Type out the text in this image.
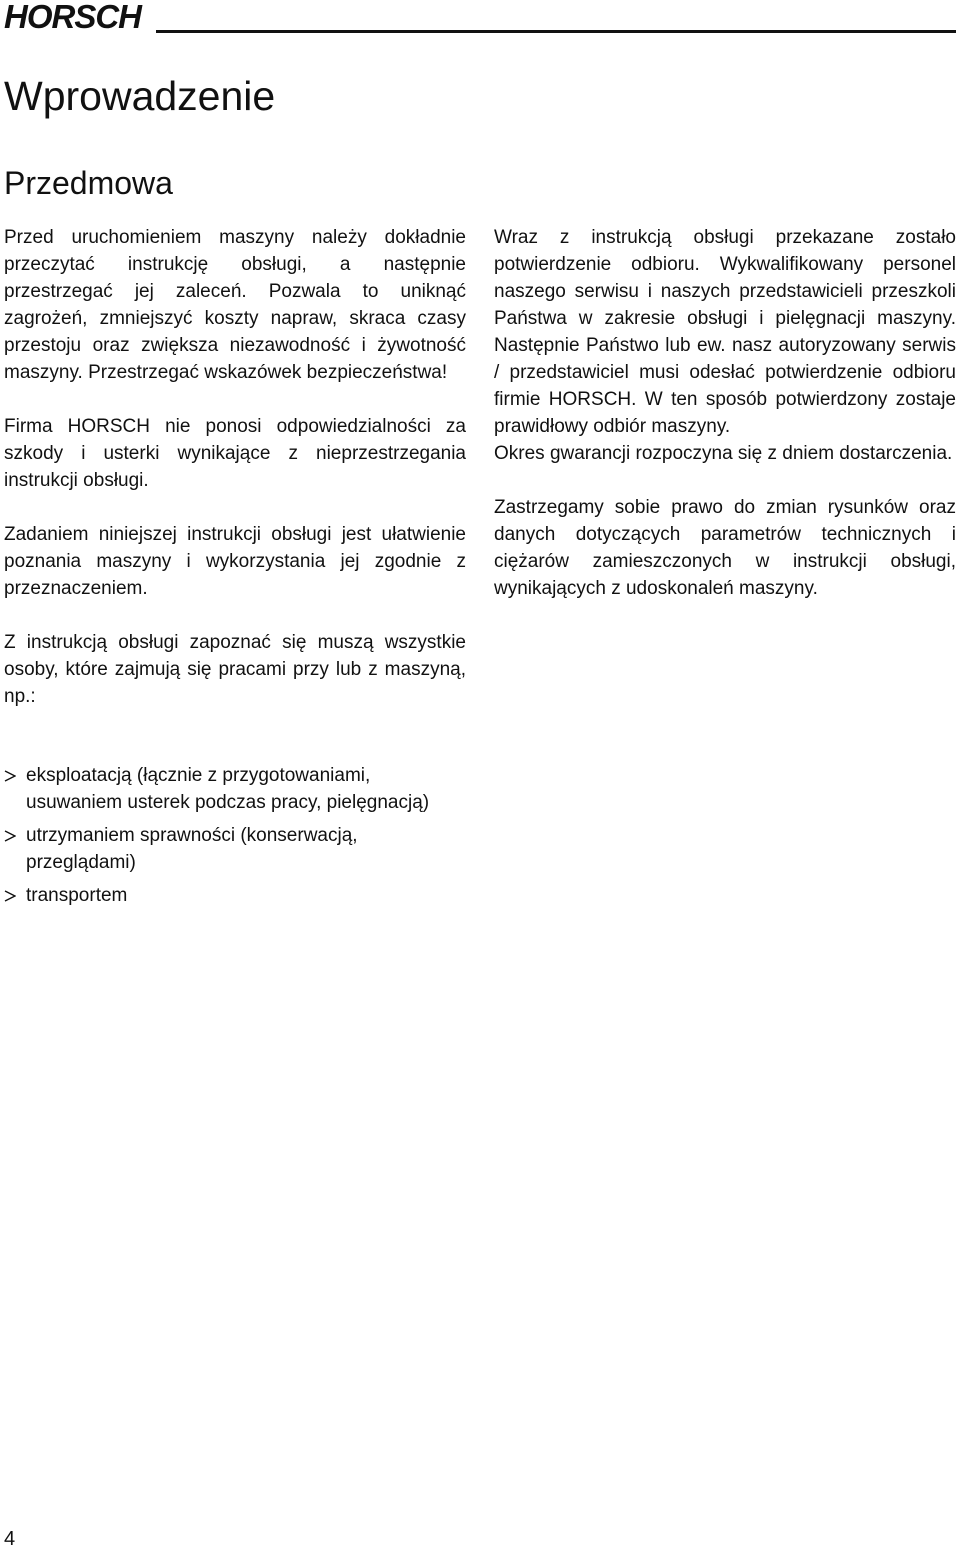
HORSCH
Wprowadzenie
Przedmowa

Przed uruchomieniem maszyny należy dokładnie przeczytać instrukcję obsługi, a następnie przestrzegać jej zaleceń. Pozwala to uniknąć zagrożeń, zmniejszyć koszty napraw, skraca czasy przestoju oraz zwiększa niezawodność i żywotność maszyny. Przestrzegać wskazówek bezpieczeństwa!

Firma HORSCH nie ponosi odpowiedzialności za szkody i usterki wynikające z nieprzestrzegania instrukcji obsługi.

Zadaniem niniejszej instrukcji obsługi jest ułatwienie poznania maszyny i wykorzystania jej zgodnie z przeznaczeniem.

Z instrukcją obsługi zapoznać się muszą wszystkie osoby, które zajmują się pracami przy lub z maszyną, np.:

eksploatacją (łącznie z przygotowaniami, usuwaniem usterek podczas pracy, pielęgnacją)
utrzymaniem sprawności (konserwacją, przeglądami)
transportem

Wraz z instrukcją obsługi przekazane zostało potwierdzenie odbioru. Wykwalifikowany personel naszego serwisu i naszych przedstawicieli przeszkoli Państwa w zakresie obsługi i pielęgnacji maszyny. Następnie Państwo lub ew. nasz autoryzowany serwis / przedstawiciel musi odesłać potwierdzenie odbioru firmie HORSCH. W ten sposób potwierdzony zostaje prawidłowy odbiór maszyny.

Okres gwarancji rozpoczyna się z dniem dostarczenia.

Zastrzegamy sobie prawo do zmian rysunków oraz danych dotyczących parametrów technicznych i ciężarów zamieszczonych w instrukcji obsługi, wynikających z udoskonaleń maszyny.

4
